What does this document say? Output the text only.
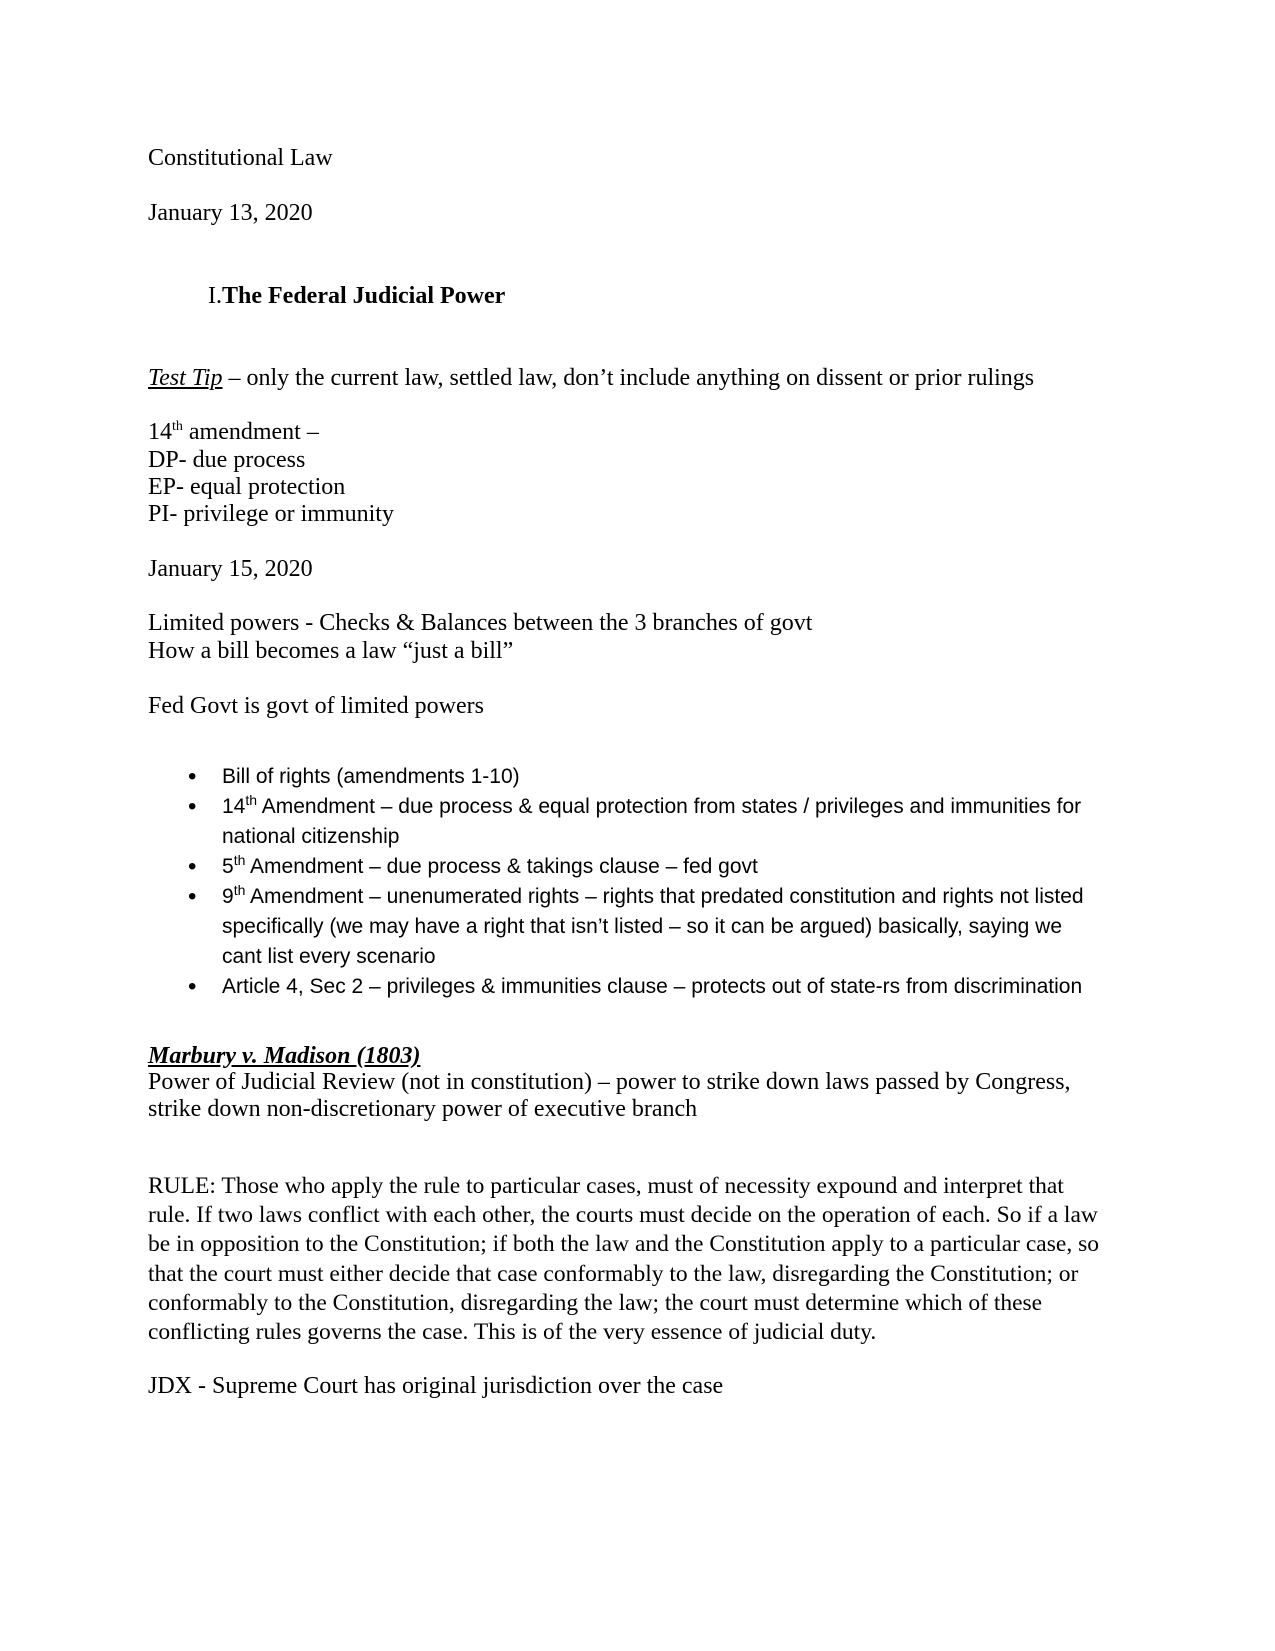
Constitutional Law
January 13, 2020
I.The Federal Judicial Power
Test Tip – only the current law, settled law, don’t include anything on dissent or prior rulings
14th amendment –
DP- due process
EP- equal protection
PI- privilege or immunity
January 15, 2020
Limited powers - Checks & Balances between the 3 branches of govt
How a bill becomes a law “just a bill”
Fed Govt is govt of limited powers
• Bill of rights (amendments 1-10)
• 14th Amendment – due process & equal protection from states / privileges and immunities for national citizenship
• 5th Amendment – due process & takings clause – fed govt
• 9th Amendment – unenumerated rights – rights that predated constitution and rights not listed specifically (we may have a right that isn’t listed – so it can be argued) basically, saying we cant list every scenario
• Article 4, Sec 2 – privileges & immunities clause – protects out of state-rs from discrimination
Marbury v. Madison (1803)
Power of Judicial Review (not in constitution) – power to strike down laws passed by Congress,
strike down non-discretionary power of executive branch
RULE: Those who apply the rule to particular cases, must of necessity expound and interpret that rule. If two laws conflict with each other, the courts must decide on the operation of each. So if a law be in opposition to the Constitution; if both the law and the Constitution apply to a particular case, so that the court must either decide that case conformably to the law, disregarding the Constitution; or conformably to the Constitution, disregarding the law; the court must determine which of these conflicting rules governs the case. This is of the very essence of judicial duty.
JDX - Supreme Court has original jurisdiction over the case
